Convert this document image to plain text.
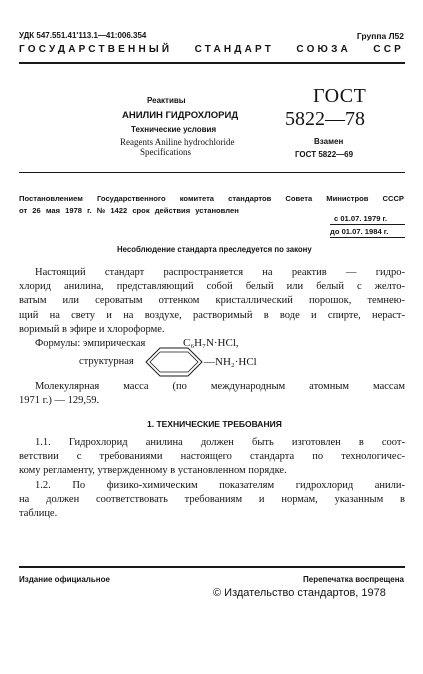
УДК 547.551.41'113.1—41:006.354	Группа Л52
ГОСУДАРСТВЕННЫЙ СТАНДАРТ СОЮЗА ССР
Реактивы
АНИЛИН ГИДРОХЛОРИД
Технические условия
Reagents Aniline hydrochloride
Specifications
ГОСТ
5822—78
Взамен
ГОСТ 5822—69
Постановлением Государственного комитета стандартов Совета Министров СССР
от 26 мая 1978 г. № 1422 срок действия установлен
с 01.07. 1979 г.
до 01.07. 1984 г.
Несоблюдение стандарта преследуется по закону

Настоящий стандарт распространяется на реактив — гидро-

хлорид анилина, представляющий собой белый или белый с желто-

ватым или сероватым оттенком кристаллический порошок, темнею-

щий на свету и на воздухе, растворимый в воде и спирте, нераст-

воримый в эфире и хлороформе.

Формулы: эмпирическая	C₆H₇N·HCl,
структурная	—NH₂·HCl

Молекулярная масса (по международным атомным массам

1971 г.) — 129,59.

1. ТЕХНИЧЕСКИЕ ТРЕБОВАНИЯ

1.1. Гидрохлорид анилина должен быть изготовлен в соот-

ветствии с требованиями настоящего стандарта по технологичес-

кому регламенту, утвержденному в установленном порядке.

1.2. По физико-химическим показателям гидрохлорид анили-

на должен соответствовать требованиям и нормам, указанным в

таблице.

Издание официальное	Перепечатка воспрещена
© Издательство стандартов, 1978
